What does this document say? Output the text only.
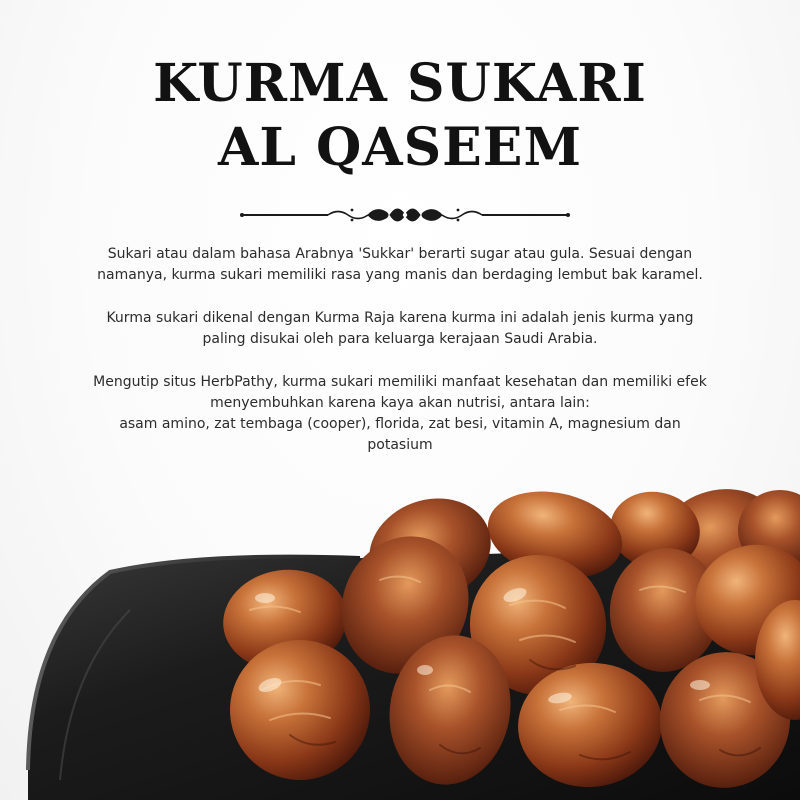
KURMA SUKARI
AL QASEEM

Sukari atau dalam bahasa Arabnya 'Sukkar' berarti sugar atau gula. Sesuai dengan namanya, kurma sukari memiliki rasa yang manis dan berdaging lembut bak karamel.

Kurma sukari dikenal dengan Kurma Raja karena kurma ini adalah jenis kurma yang paling disukai oleh para keluarga kerajaan Saudi Arabia.

Mengutip situs HerbPathy, kurma sukari memiliki manfaat kesehatan dan memiliki efek menyembuhkan karena kaya akan nutrisi, antara lain:
asam amino, zat tembaga (cooper), florida, zat besi, vitamin A, magnesium dan potasium
